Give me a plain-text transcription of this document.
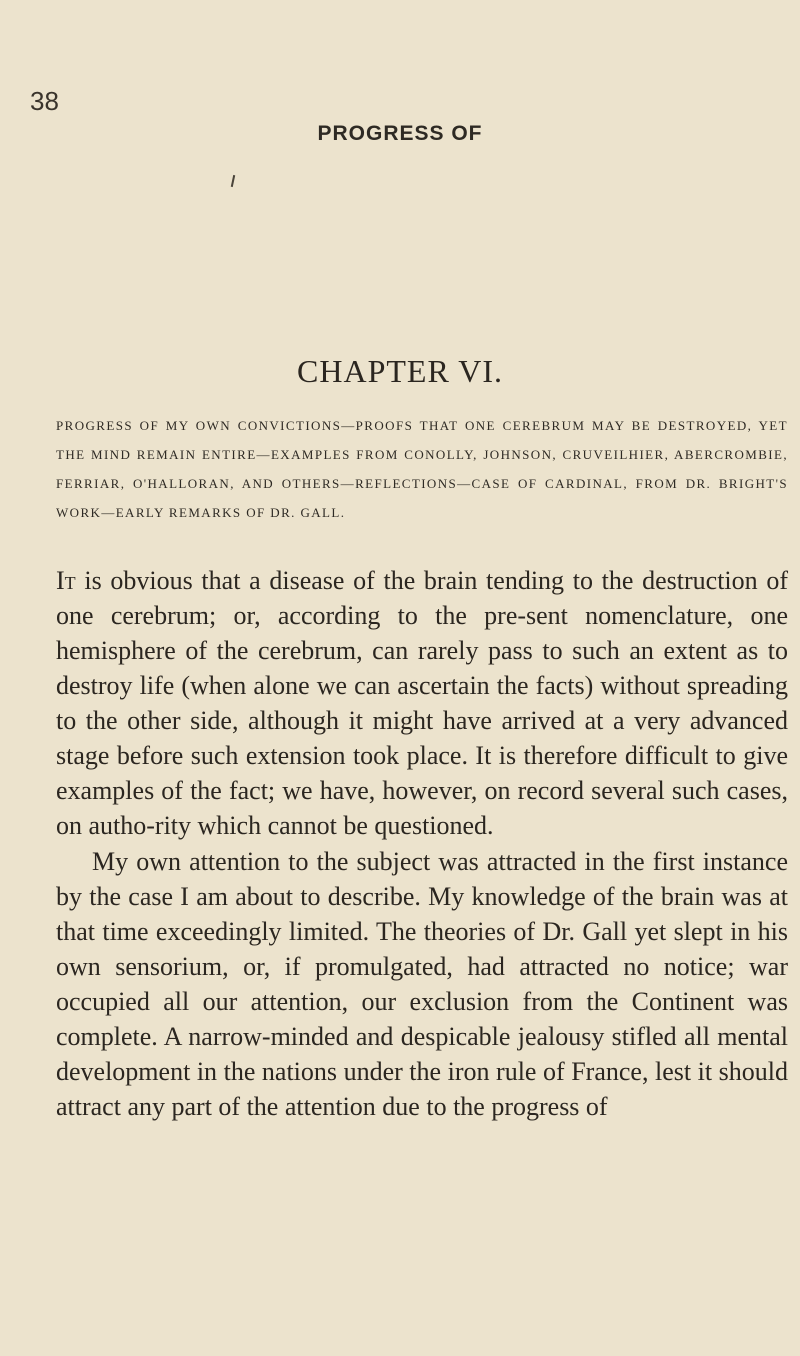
38
PROGRESS OF
CHAPTER VI.
PROGRESS OF MY OWN CONVICTIONS—PROOFS THAT ONE CEREBRUM MAY BE DESTROYED, YET THE MIND REMAIN ENTIRE—EXAMPLES FROM CONOLLY, JOHNSON, CRUVEILHIER, ABERCROMBIE, FERRIAR, O'HALLORAN, AND OTHERS—REFLECTIONS—CASE OF CARDINAL, FROM DR. BRIGHT'S WORK—EARLY REMARKS OF DR. GALL.

It is obvious that a disease of the brain tending to the destruction of one cerebrum; or, according to the pre-sent nomenclature, one hemisphere of the cerebrum, can rarely pass to such an extent as to destroy life (when alone we can ascertain the facts) without spreading to the other side, although it might have arrived at a very advanced stage before such extension took place. It is therefore difficult to give examples of the fact; we have, however, on record several such cases, on autho-rity which cannot be questioned.

My own attention to the subject was attracted in the first instance by the case I am about to describe. My knowledge of the brain was at that time exceedingly limited. The theories of Dr. Gall yet slept in his own sensorium, or, if promulgated, had attracted no notice; war occupied all our attention, our exclusion from the Continent was complete. A narrow-minded and despicable jealousy stifled all mental development in the nations under the iron rule of France, lest it should attract any part of the attention due to the progress of
